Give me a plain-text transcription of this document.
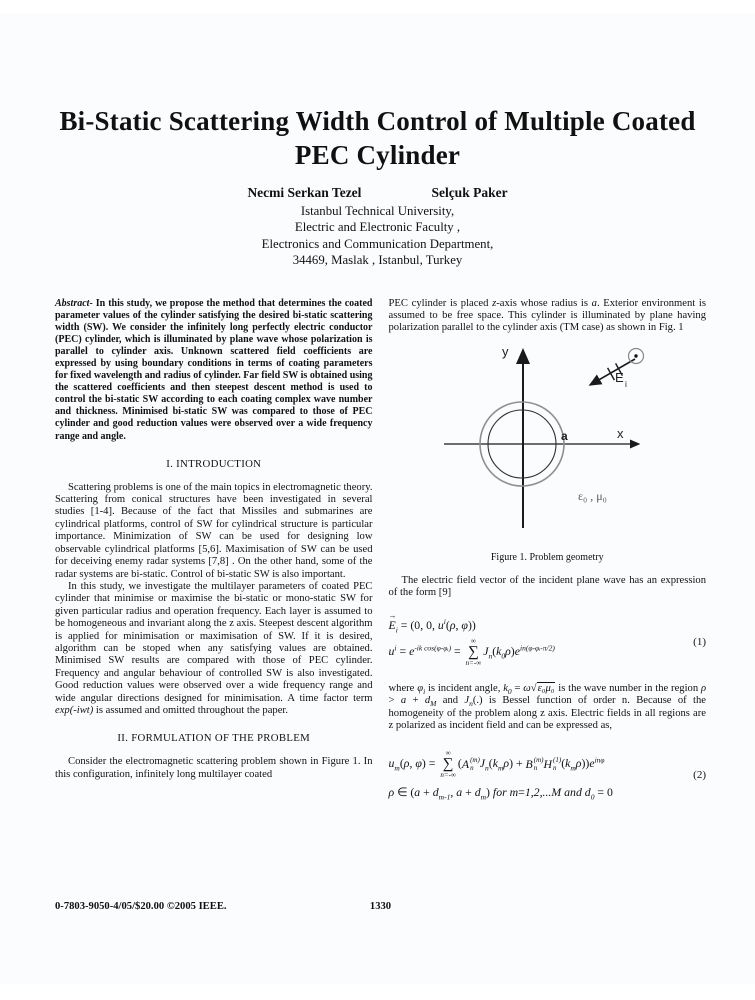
Bi-Static Scattering Width Control of Multiple Coated PEC Cylinder
Necmi Serkan Tezel	Selçuk Paker
Istanbul Technical University,
Electric and Electronic Faculty ,
Electronics and Communication Department,
34469, Maslak , Istanbul, Turkey

Abstract- In this study, we propose the method that determines the coated parameter values of the cylinder satisfying the desired bi-static scattering width (SW). We consider the infinitely long perfectly electric conductor (PEC) cylinder, which is illuminated by plane wave whose polarization is parallel to cylinder axis. Unknown scattered field coefficients are expressed by using boundary conditions in terms of coating parameters for fixed wavelength and radius of cylinder. Far field SW is obtained using the scattered coefficients and then steepest descent method is used to control the bi-static SW according to each coating complex wave number and thickness. Minimised bi-static SW was compared to those of PEC cylinder and good reduction values were observed over a wide frequency range and angle.

I. INTRODUCTION

Scattering problems is one of the main topics in electromagnetic theory. Scattering from conical structures have been investigated in several studies [1-4]. Because of the fact that Missiles and submarines are cylindrical platforms, control of SW for cylindrical structure is particular importance. Minimization of SW can be used for designing low observable cylindrical platforms [5,6]. Maximisation of SW can be used for deceiving enemy radar systems [7,8] . On the other hand, some of the radar systems are bi-static. Control of bi-static SW is also important.

In this study, we investigate the multilayer parameters of coated PEC cylinder that minimise or maximise the bi-static or mono-static SW for given particular radius and operation frequency. Each layer is assumed to be homogeneous and invariant along the z axis. Steepest descent algorithm is applied for minimisation or maximisation of SW. If it is desired, algorithm can be stoped when any satisfying values are obtained. Minimised SW results are compared with those of PEC cylinder. Frequency and angular behaviour of controlled SW is also investigated. Good reduction values were observed over a wide frequency range and wide angular directions designed for minimisation. A time factor term exp(-iwt) is assumed and omitted throughout the paper.

II. FORMULATION OF THE PROBLEM

Consider the electromagnetic scattering problem shown in Figure 1. In this configuration, infinitely long multilayer coated

PEC cylinder is placed z-axis whose radius is a. Exterior environment is assumed to be free space. This cylinder is illuminated by plane having polarization parallel to the cylinder axis (TM case) as shown in Fig. 1

y
x
a
ε₀ , μ₀
E i
Figure 1. Problem geometry

The electric field vector of the incident plane wave has an expression of the form [9]

$E \to_i = (0$, 0, $u^i(\rho$, φ))
$u^i = e^{-ik cos(\varphi-\varphi ᵢ)}$ =
∞
∑
n=-∞
$J_n(k_0\rho)e^{in(\varphi-\varphi ᵢ-\pi/2)}$	(1)

where $\varphi_i$ is incident angle, $k_0 = \omega√\varepsilon_0\mu_0$ is the wave number in the region $\rho > a + d_M$ and $J_n(.)$ is Bessel function of order n. Because of the homogeneity of the problem along z axis. Electric fields in all regions are z polarized as incident field and can be expressed as,

$u_m(\rho$, φ) =
∞
∑
n=-∞
( A (m)
n $J_n(k_m\rho) + B$ (m)
n H (1)
n $(k_m\rho))e^{in\varphi}$
ρ ∈ ($a + d_{m-1}$, $a + d_m$) for m=1,2,...M and $d_0 = 0$
(2)
0-7803-9050-4/05/$20.00 ©2005 IEEE.	1330
